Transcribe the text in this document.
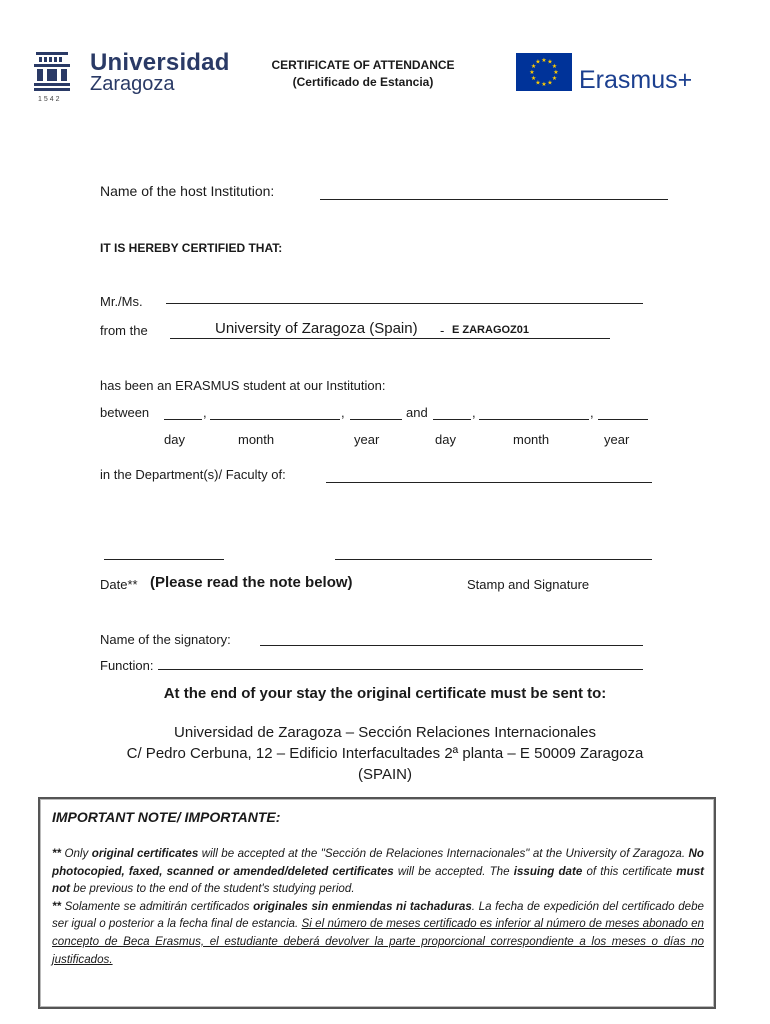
Universidad
Zaragoza
1542
CERTIFICATE OF ATTENDANCE
(Certificado de Estancia)
★ ★
★
★
★
★
★
★
★
★
★
★
Erasmus+
Name of the host Institution:
IT IS HEREBY CERTIFIED THAT:
Mr./Ms.
from the	University of Zaragoza (Spain) - E ZARAGOZ01
has been an ERASMUS student at our Institution:
between	,	,	and	,	,
day	month	year	day	month	year
in the Department(s)/ Faculty of:
Date** (Please read the note below)	Stamp and Signature
Name of the signatory:
Function:
At the end of your stay the original certificate must be sent to:
Universidad de Zaragoza – Sección Relaciones Internacionales
C/ Pedro Cerbuna, 12 – Edificio Interfacultades 2ª planta – E 50009 Zaragoza
(SPAIN)
IMPORTANT NOTE/ IMPORTANTE:

** Only original certificates will be accepted at the "Sección de Relaciones Internacionales" at the University of Zaragoza. No photocopied, faxed, scanned or amended/deleted certificates will be accepted. The issuing date of this certificate must not be previous to the end of the student's studying period.

** Solamente se admitirán certificados originales sin enmiendas ni tachaduras. La fecha de expedición del certificado debe ser igual o posterior a la fecha final de estancia. Si el número de meses certificado es inferior al número de meses abonado en concepto de Beca Erasmus, el estudiante deberá devolver la parte proporcional correspondiente a los meses o días no justificados.
